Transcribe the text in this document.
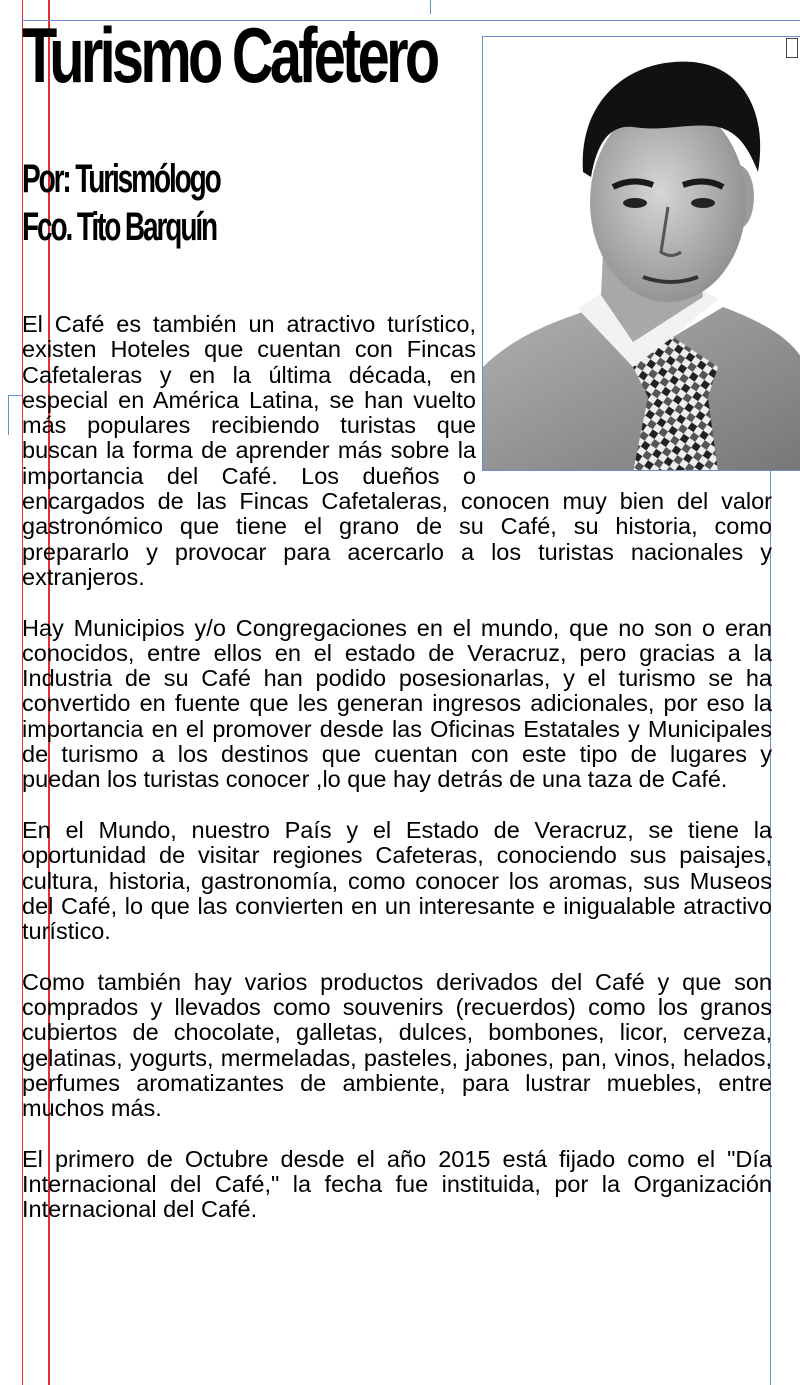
Turismo Cafetero

Por: Turismólogo

Fco. Tito Barquín

El Café es también un atractivo turístico, existen Hoteles que cuentan con Fincas Cafetaleras y en la última década, en especial en América Latina, se han vuelto más populares recibiendo turistas que buscan la forma de aprender más sobre la importancia del Café. Los dueños o encargados de las Fincas Cafetaleras, conocen muy bien del valor gastronómico que tiene el grano de su Café, su historia, como prepararlo y provocar para acercarlo a los turistas nacionales y extranjeros.

Hay Municipios y/o Congregaciones en el mundo, que no son o eran conocidos, entre ellos en el estado de Veracruz, pero gracias a la Industria de su Café han podido posesionarlas, y el turismo se ha convertido en fuente que les generan ingresos adicionales, por eso la importancia en el promover desde las Oficinas Estatales y Municipales de turismo a los destinos que cuentan con este tipo de lugares y puedan los turistas conocer ,lo que hay detrás de una taza de Café.

En el Mundo, nuestro País y el Estado de Veracruz, se tiene la oportunidad de visitar regiones Cafeteras, conociendo sus paisajes, cultura, historia, gastronomía, como conocer los aromas, sus Museos del Café, lo que las convierten en un interesante e inigualable atractivo turístico.

Como también hay varios productos derivados del Café y que son comprados y llevados como souvenirs (recuerdos) como los granos cubiertos de chocolate, galletas, dulces, bombones, licor, cerveza, gelatinas, yogurts, mermeladas, pasteles, jabones, pan, vinos, helados, perfumes aromatizantes de ambiente, para lustrar muebles, entre muchos más.

El primero de Octubre desde el año 2015 está fijado como el "Día Internacional del Café," la fecha fue instituida, por la Organización Internacional del Café.
